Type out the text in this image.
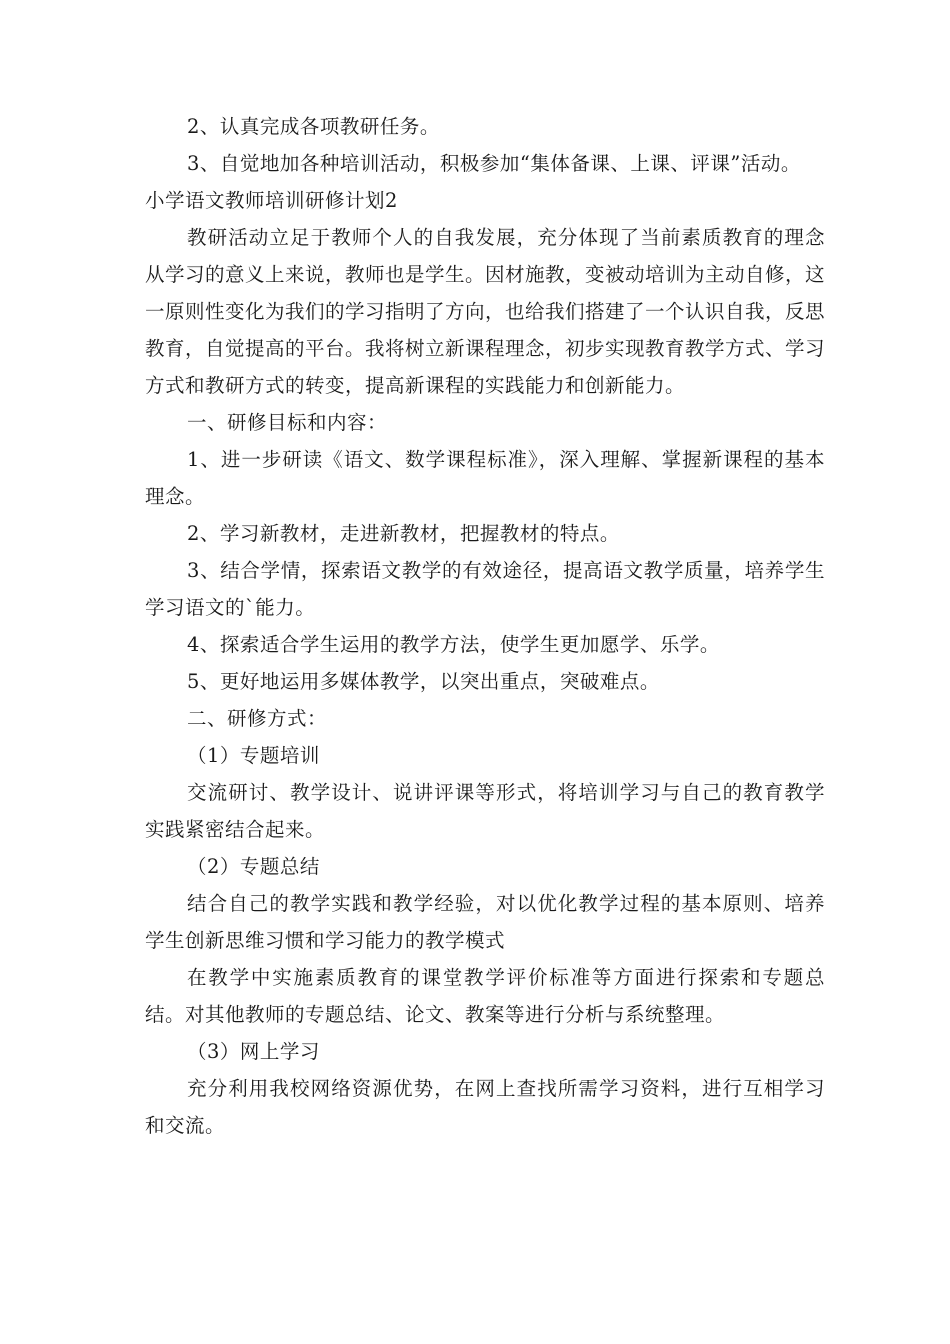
2、认真完成各项教研任务。

3、自觉地加各种培训活动，积极参加“集体备课、上课、评课”活动。

小学语文教师培训研修计划2

教研活动立足于教师个人的自我发展，充分体现了当前素质教育的理念从学习的意义上来说，教师也是学生。因材施教，变被动培训为主动自修，这一原则性变化为我们的学习指明了方向，也给我们搭建了一个认识自我，反思教育，自觉提高的平台。我将树立新课程理念，初步实现教育教学方式、学习方式和教研方式的转变，提高新课程的实践能力和创新能力。

一、研修目标和内容：

1、进一步研读《语文、数学课程标准》，深入理解、掌握新课程的基本理念。

2、学习新教材，走进新教材，把握教材的特点。

3、结合学情，探索语文教学的有效途径，提高语文教学质量，培养学生学习语文的`能力。

4、探索适合学生运用的教学方法，使学生更加愿学、乐学。

5、更好地运用多媒体教学，以突出重点，突破难点。

二、研修方式：

（1）专题培训

交流研讨、教学设计、说讲评课等形式，将培训学习与自己的教育教学实践紧密结合起来。

（2）专题总结

结合自己的教学实践和教学经验，对以优化教学过程的基本原则、培养学生创新思维习惯和学习能力的教学模式

在教学中实施素质教育的课堂教学评价标准等方面进行探索和专题总结。对其他教师的专题总结、论文、教案等进行分析与系统整理。

（3）网上学习

充分利用我校网络资源优势，在网上查找所需学习资料，进行互相学习和交流。
